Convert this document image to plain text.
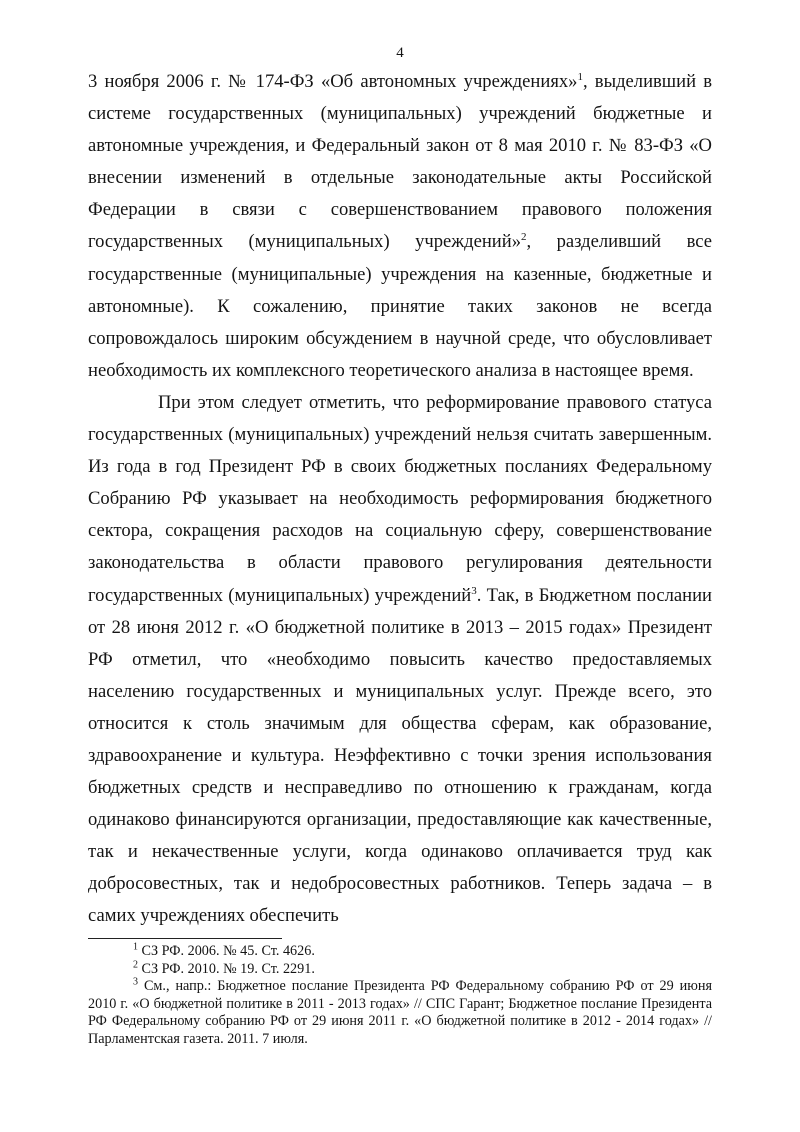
4

3 ноября 2006 г. № 174-ФЗ «Об автономных учреждениях»$^1$, выделивший в системе государственных (муниципальных) учреждений бюджетные и автономные учреждения, и Федеральный закон от 8 мая 2010 г. № 83-ФЗ «О внесении изменений в отдельные законодательные акты Российской Федерации в связи с совершенствованием правового положения государственных (муниципальных) учреждений»$^2$, разделивший все государственные (муниципальные) учреждения на казенные, бюджетные и автономные). К сожалению, принятие таких законов не всегда сопровождалось широким обсуждением в научной среде, что обусловливает необходимость их комплексного теоретического анализа в настоящее время.

При этом следует отметить, что реформирование правового статуса государственных (муниципальных) учреждений нельзя считать завершенным. Из года в год Президент РФ в своих бюджетных посланиях Федеральному Собранию РФ указывает на необходимость реформирования бюджетного сектора, сокращения расходов на социальную сферу, совершенствование законодательства в области правового регулирования деятельности государственных (муниципальных) учреждений$^3$. Так, в Бюджетном послании от 28 июня 2012 г. «О бюджетной политике в 2013 – 2015 годах» Президент РФ отметил, что «необходимо повысить качество предоставляемых населению государственных и муниципальных услуг. Прежде всего, это относится к столь значимым для общества сферам, как образование, здравоохранение и культура. Неэффективно с точки зрения использования бюджетных средств и несправедливо по отношению к гражданам, когда одинаково финансируются организации, предоставляющие как качественные, так и некачественные услуги, когда одинаково оплачивается труд как добросовестных, так и недобросовестных работников. Теперь задача – в самих учреждениях обеспечить

$^1$ СЗ РФ. 2006. № 45. Ст. 4626.

$^2$ СЗ РФ. 2010. № 19. Ст. 2291.

$^3$ См., напр.: Бюджетное послание Президента РФ Федеральному собранию РФ от 29 июня 2010 г. «О бюджетной политике в 2011 - 2013 годах» // СПС Гарант; Бюджетное послание Президента РФ Федеральному собранию РФ от 29 июня 2011 г. «О бюджетной политике в 2012 - 2014 годах» // Парламентская газета. 2011. 7 июля.
